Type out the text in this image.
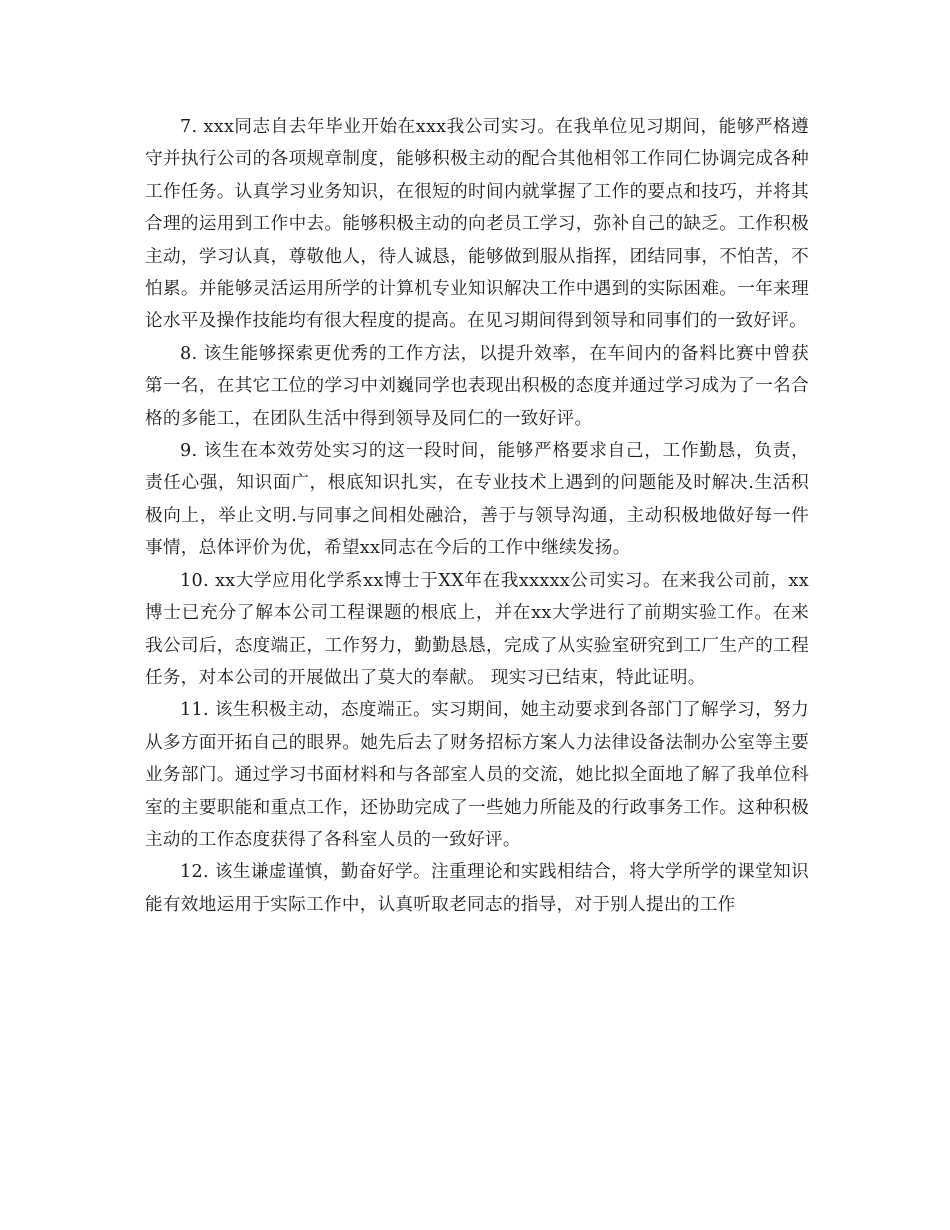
7. xxx同志自去年毕业开始在xxx我公司实习。在我单位见习期间，能够严格遵守并执行公司的各项规章制度，能够积极主动的配合其他相邻工作同仁协调完成各种工作任务。认真学习业务知识，在很短的时间内就掌握了工作的要点和技巧，并将其合理的运用到工作中去。能够积极主动的向老员工学习，弥补自己的缺乏。工作积极主动，学习认真，尊敬他人，待人诚恳，能够做到服从指挥，团结同事，不怕苦，不怕累。并能够灵活运用所学的计算机专业知识解决工作中遇到的实际困难。一年来理论水平及操作技能均有很大程度的提高。在见习期间得到领导和同事们的一致好评。

8. 该生能够探索更优秀的工作方法，以提升效率，在车间内的备料比赛中曾获第一名，在其它工位的学习中刘巍同学也表现出积极的态度并通过学习成为了一名合格的多能工，在团队生活中得到领导及同仁的一致好评。

9. 该生在本效劳处实习的这一段时间，能够严格要求自己，工作勤恳，负责，责任心强，知识面广，根底知识扎实，在专业技术上遇到的问题能及时解决.生活积极向上，举止文明.与同事之间相处融洽，善于与领导沟通，主动积极地做好每一件事情，总体评价为优，希望xx同志在今后的工作中继续发扬。

10. xx大学应用化学系xx博士于XX年在我xxxxx公司实习。在来我公司前，xx博士已充分了解本公司工程课题的根底上，并在xx大学进行了前期实验工作。在来我公司后，态度端正，工作努力，勤勤恳恳，完成了从实验室研究到工厂生产的工程任务，对本公司的开展做出了莫大的奉献。 现实习已结束，特此证明。

11. 该生积极主动，态度端正。实习期间，她主动要求到各部门了解学习，努力从多方面开拓自己的眼界。她先后去了财务招标方案人力法律设备法制办公室等主要业务部门。通过学习书面材料和与各部室人员的交流，她比拟全面地了解了我单位科室的主要职能和重点工作，还协助完成了一些她力所能及的行政事务工作。这种积极主动的工作态度获得了各科室人员的一致好评。

12. 该生谦虚谨慎，勤奋好学。注重理论和实践相结合，将大学所学的课堂知识能有效地运用于实际工作中，认真听取老同志的指导，对于别人提出的工作
